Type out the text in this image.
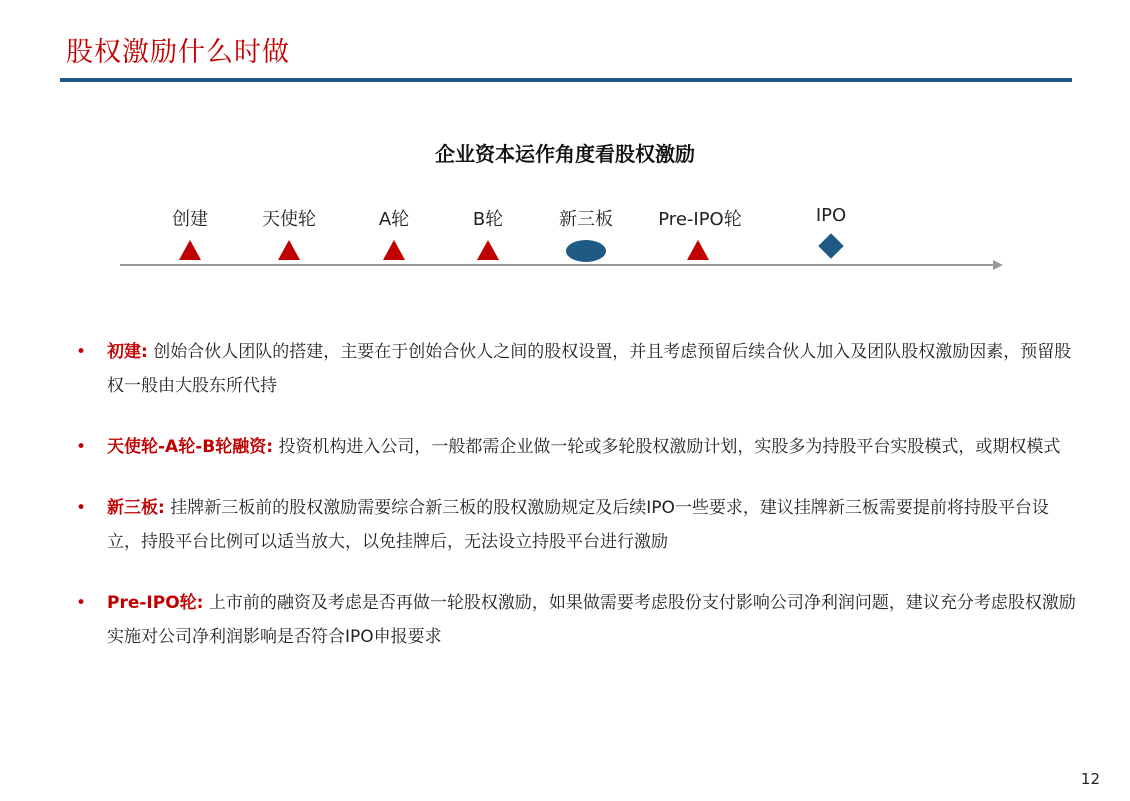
股权激励什么时做
企业资本运作角度看股权激励
创建	天使轮	A轮	B轮	新三板	Pre-IPO轮	IPO
• 初建: 创始合伙人团队的搭建，主要在于创始合伙人之间的股权设置，并且考虑预留后续合伙人加入及团队股权激励因素，预留股权一般由大股东所代持
• 天使轮-A轮-B轮融资: 投资机构进入公司，一般都需企业做一轮或多轮股权激励计划，实股多为持股平台实股模式，或期权模式
• 新三板: 挂牌新三板前的股权激励需要综合新三板的股权激励规定及后续IPO一些要求，建议挂牌新三板需要提前将持股平台设立，持股平台比例可以适当放大，以免挂牌后，无法设立持股平台进行激励
• Pre-IPO轮: 上市前的融资及考虑是否再做一轮股权激励，如果做需要考虑股份支付影响公司净利润问题，建议充分考虑股权激励实施对公司净利润影响是否符合IPO申报要求
12
